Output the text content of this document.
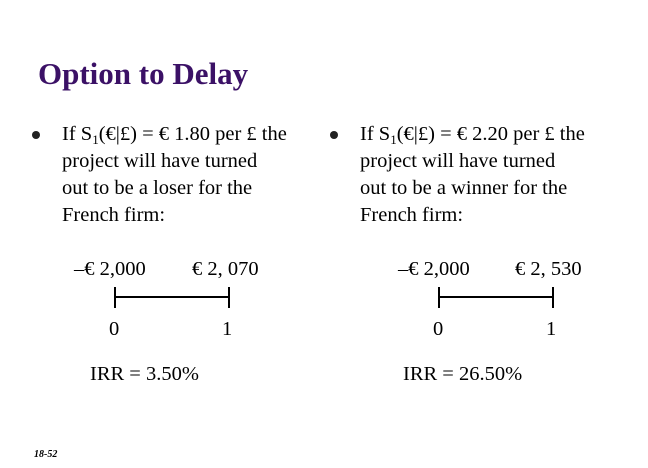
Option to Delay
If $S_1(€|£)$ = € 1.80 per £ the
project will have turned
out to be a loser for the
French firm:
–€ 2,000 € 2, 070
0	1
IRR = 3.50%
If $S_1(€|£)$ = € 2.20 per £ the
project will have turned
out to be a winner for the
French firm:
–€ 2,000 € 2, 530
0	1
IRR = 26.50%
18-52
